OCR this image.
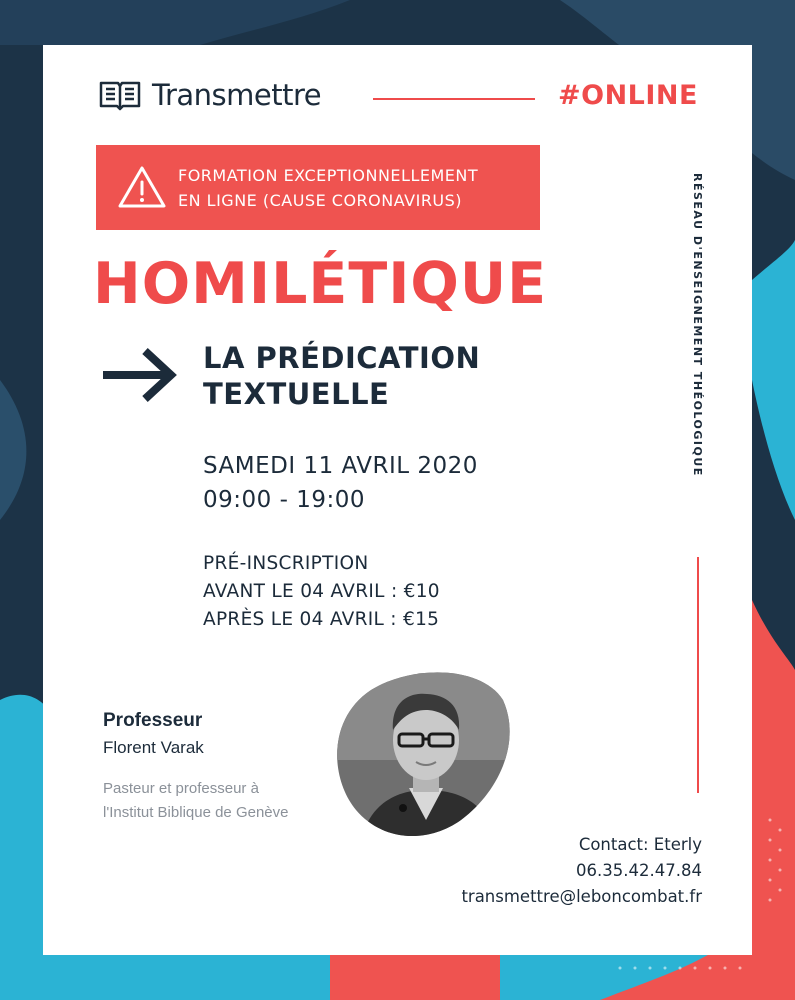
Transmettre	#ONLINE
FORMATION EXCEPTIONNELLEMENT
EN LIGNE (CAUSE CORONAVIRUS)
HOMILÉTIQUE
LA PRÉDICATION
TEXTUELLE
SAMEDI 11 AVRIL 2020
09:00 - 19:00
PRÉ-INSCRIPTION
AVANT LE 04 AVRIL : €10
APRÈS LE 04 AVRIL : €15
RÉSEAU D'ENSEIGNEMENT THÉOLOGIQUE
Professeur
Florent Varak
Pasteur et professeur à
l'Institut Biblique de Genève
Contact: Eterly
06.35.42.47.84
transmettre@leboncombat.fr
